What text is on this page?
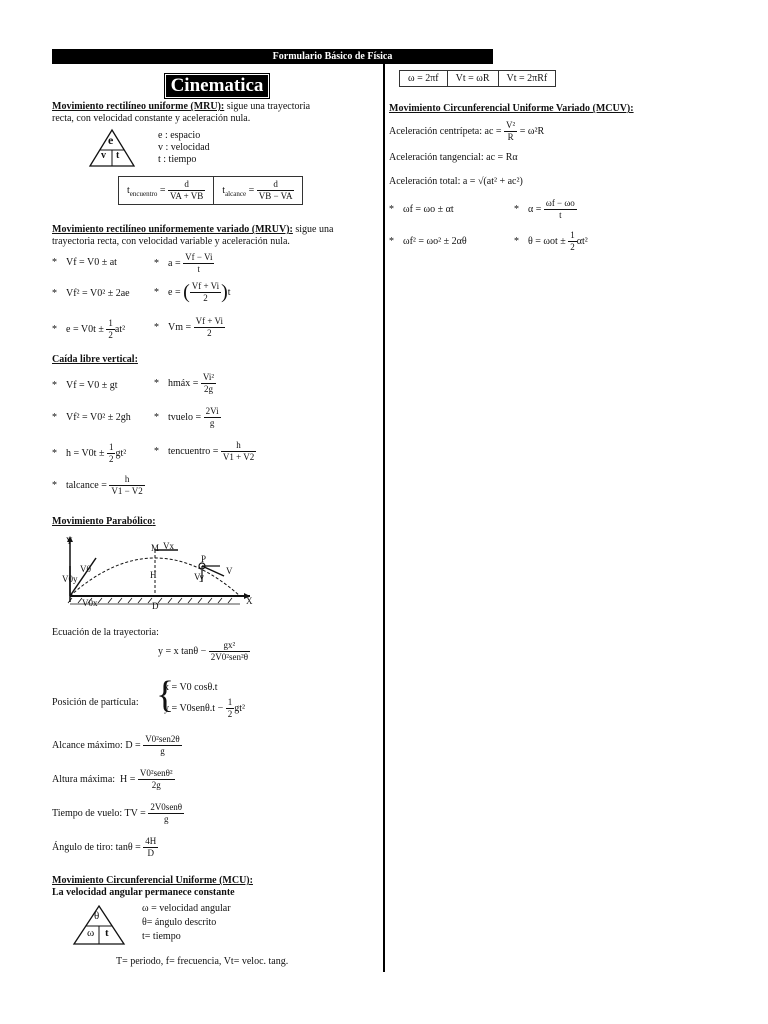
Formulario Básico de Física
Cinematica
Movimiento rectilíneo uniforme (MRU): sigue una trayectoria
recta, con velocidad constante y aceleración nula.
e
v t
e : espacio
v : velocidad
t : tiempo
$t_{encuentro} = \frac{d}{VA + VB}$	$t_{alcance} = \frac{d}{VB - VA}$
Movimiento rectilíneo uniformemente variado (MRUV): sigue una
trayectoria recta, con velocidad variable y aceleración nula.
* Vf = V0 ± at	* $a = \frac{Vf - Vi}{t}$
* Vf² = V0² ± 2ae * e = ( $\frac{Vf + Vi}{2} )t$
* $e = V0t \pm \frac{1}{2} at^2$	* $Vm = \frac{Vf + Vi}{2}$
Caída libre vertical:
* Vf = V0 ± gt	* hmáx = $\frac{\text{Vi²}}{2g}$
* Vf² = V0² ± 2gh * tvuelo = $\frac{2Vi}{g}$
* $h = V0t \pm \frac{1}{2} gt^2$	* tencuentro = $\frac{h}{V1 + V2}$
* talcance = $\frac{h}{V1 - V2}$
Movimiento Parabólico:
Y
X
M Vx
H
D
V0
V0y
V0x
P
Vy
V
Ecuación de la trayectoria:
y = x $\tan\theta - \frac{\text{gx²}}{\text{2V0²sen²θ}}$
Posición de partícula: {
x = V0 cosθ.t
$y = V0sen\theta.t - \frac{1}{2} gt^2$
Alcance máximo: $D = \frac{\text{V0²sen2θ}}{g}$
Altura máxima: $H = \frac{\text{V0²senθ²}}{2g}$
Tiempo de vuelo: TV = $\frac{\text{2V0senθ}}{g}$
Ángulo de tiro: $\tan\theta = \frac{4H}{D}$
Movimiento Circunferencial Uniforme (MCU):
La velocidad angular permanece constante
θ
ω t
ω = velocidad angular
θ= ángulo descrito
t= tiempo
T= periodo, f= frecuencia, Vt= veloc. tang.
ω = 2πf	Vt = ωR	Vt = 2πRf
Movimiento Circunferencial Uniforme Variado (MCUV):
Aceleración centrípeta: ac = $\frac{\text{V²}}{R} = \omega^2R$
Aceleración tangencial: ac = Rα
Aceleración total: a = √(at² + ac²)
* ωf = ωo ± αt	* $\alpha = \frac{\omega f - \omega o}{t}$
* ωf² = ωo² ± 2αθ	* $\theta = \omega ot \pm \frac{1}{2} \alpha t^2$
